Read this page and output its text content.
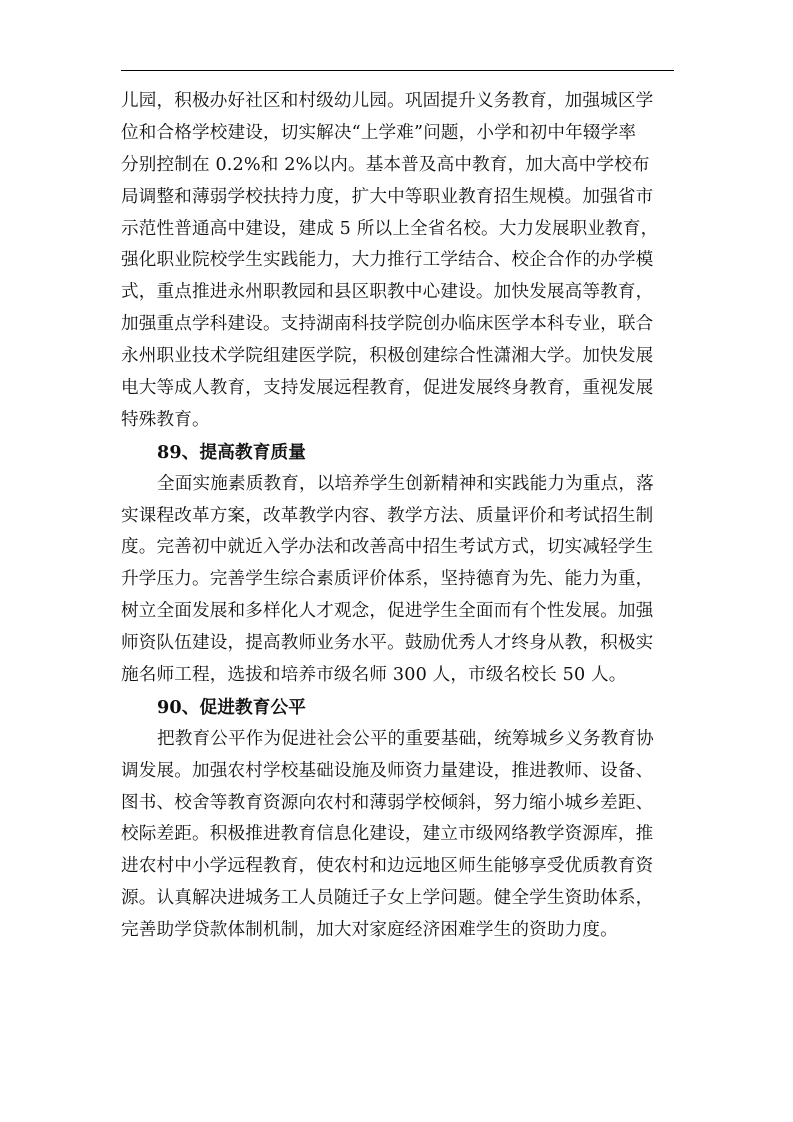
儿园，积极办好社区和村级幼儿园。巩固提升义务教育，加强城区学
位和合格学校建设，切实解决“上学难”问题，小学和初中年辍学率
分别控制在 0.2%和 2%以内。基本普及高中教育，加大高中学校布
局调整和薄弱学校扶持力度，扩大中等职业教育招生规模。加强省市
示范性普通高中建设，建成 5 所以上全省名校。大力发展职业教育，
强化职业院校学生实践能力，大力推行工学结合、校企合作的办学模
式，重点推进永州职教园和县区职教中心建设。加快发展高等教育，
加强重点学科建设。支持湖南科技学院创办临床医学本科专业，联合
永州职业技术学院组建医学院，积极创建综合性潇湘大学。加快发展
电大等成人教育，支持发展远程教育，促进发展终身教育，重视发展
特殊教育。
89、提高教育质量
全面实施素质教育，以培养学生创新精神和实践能力为重点，落
实课程改革方案，改革教学内容、教学方法、质量评价和考试招生制
度。完善初中就近入学办法和改善高中招生考试方式，切实减轻学生
升学压力。完善学生综合素质评价体系，坚持德育为先、能力为重，
树立全面发展和多样化人才观念，促进学生全面而有个性发展。加强
师资队伍建设，提高教师业务水平。鼓励优秀人才终身从教，积极实
施名师工程，选拔和培养市级名师 300 人，市级名校长 50 人。
90、促进教育公平
把教育公平作为促进社会公平的重要基础，统筹城乡义务教育协
调发展。加强农村学校基础设施及师资力量建设，推进教师、设备、
图书、校舍等教育资源向农村和薄弱学校倾斜，努力缩小城乡差距、
校际差距。积极推进教育信息化建设，建立市级网络教学资源库，推
进农村中小学远程教育，使农村和边远地区师生能够享受优质教育资
源。认真解决进城务工人员随迁子女上学问题。健全学生资助体系，
完善助学贷款体制机制，加大对家庭经济困难学生的资助力度。
